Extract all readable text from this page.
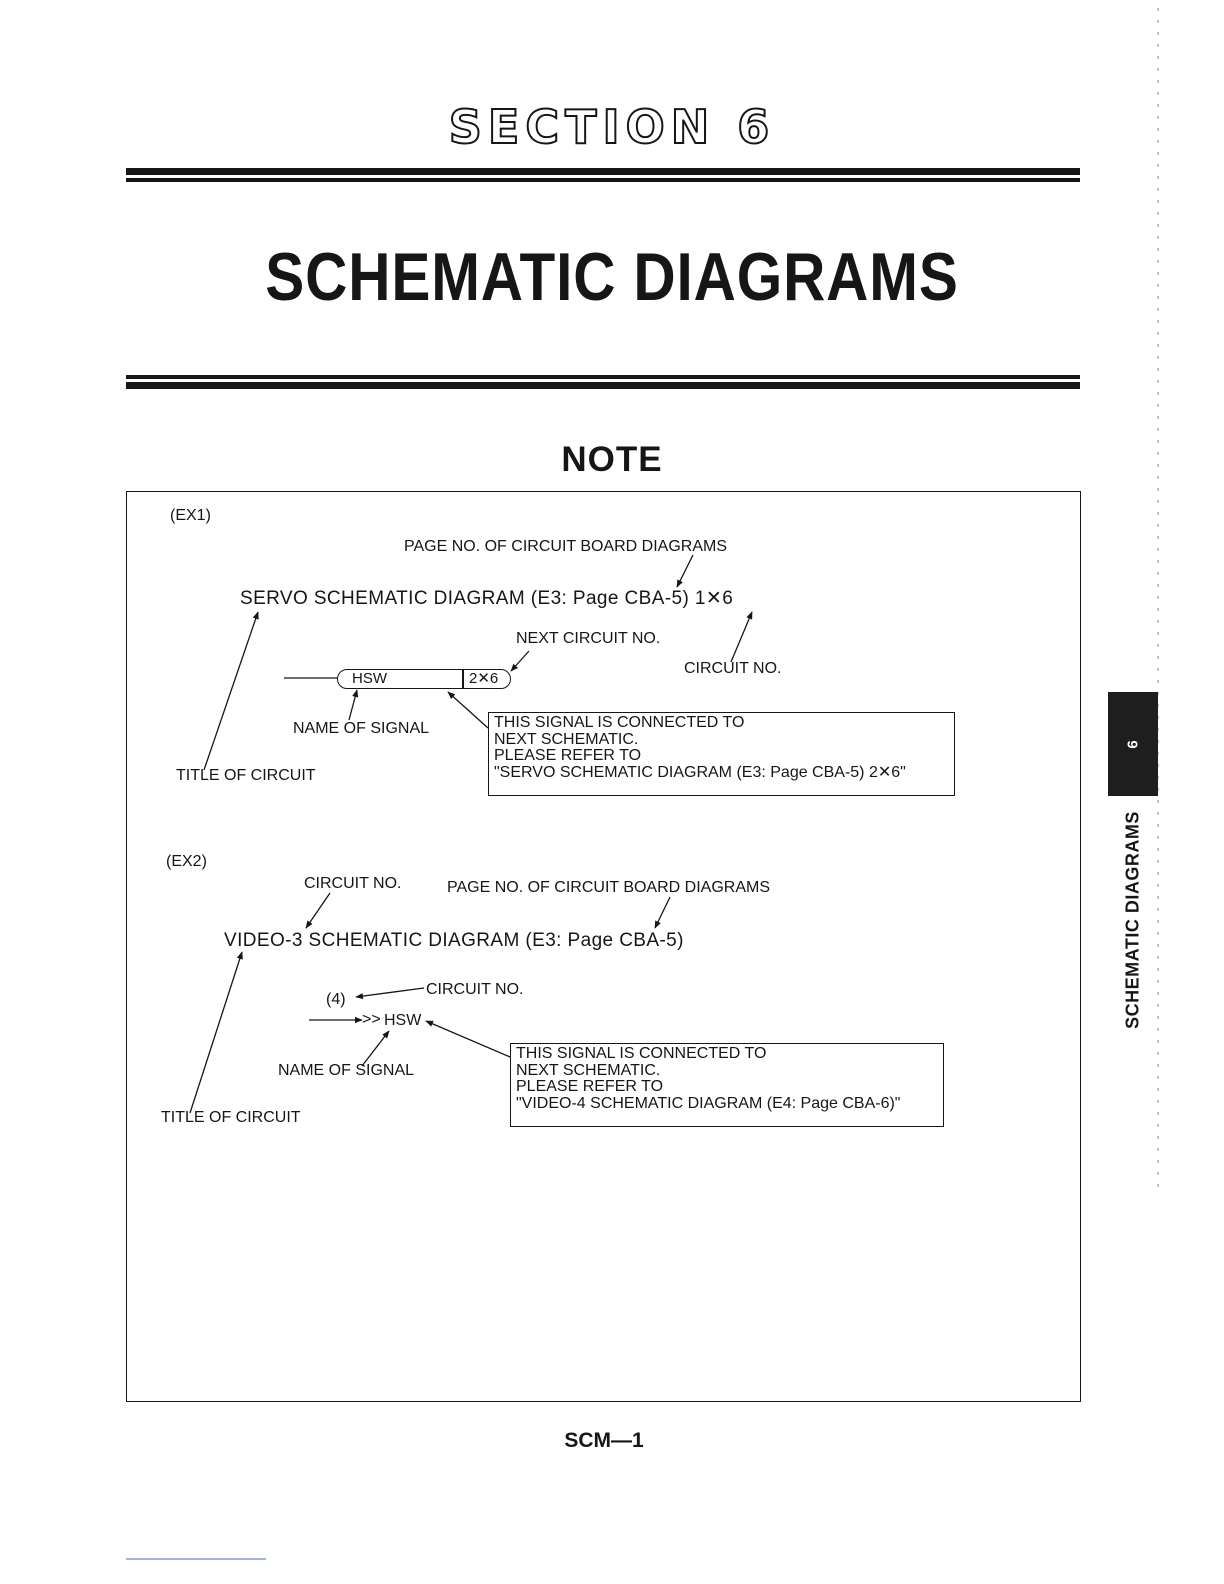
SECTION 6
SCHEMATIC DIAGRAMS
NOTE
(EX1)
PAGE NO. OF CIRCUIT BOARD DIAGRAMS
SERVO SCHEMATIC DIAGRAM (E3: Page CBA-5) 1✕6
NEXT CIRCUIT NO.
CIRCUIT NO.
HSW	2✕6
NAME OF SIGNAL
TITLE OF CIRCUIT
THIS SIGNAL IS CONNECTED TO
NEXT SCHEMATIC.
PLEASE REFER TO
"SERVO SCHEMATIC DIAGRAM (E3: Page CBA-5) 2✕6"
(EX2)
CIRCUIT NO.	PAGE NO. OF CIRCUIT BOARD DIAGRAMS
VIDEO-3 SCHEMATIC DIAGRAM (E3: Page CBA-5)
(4)
CIRCUIT NO.
>> HSW
NAME OF SIGNAL
TITLE OF CIRCUIT
THIS SIGNAL IS CONNECTED TO
NEXT SCHEMATIC.
PLEASE REFER TO
"VIDEO-4 SCHEMATIC DIAGRAM (E4: Page CBA-6)"
6
SCHEMATIC DIAGRAMS
SCM—1
